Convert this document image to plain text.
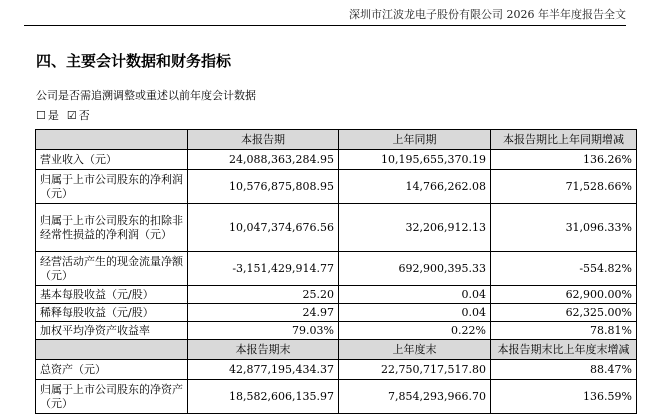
深圳市江波龙电子股份有限公司 2026 年半年度报告全文
四、主要会计数据和财务指标
公司是否需追溯调整或重述以前年度会计数据
☐ 是 ☑ 否
	本报告期	上年同期	本报告期比上年同期增减
营业收入（元）	24,088,363,284.95	10,195,655,370.19	136.26%
归属于上市公司股东的净利润（元）	10,576,875,808.95	14,766,262.08	71,528.66%
归属于上市公司股东的扣除非经常性损益的净利润（元）	10,047,374,676.56	32,206,912.13	31,096.33%
经营活动产生的现金流量净额（元）	-3,151,429,914.77	692,900,395.33	-554.82%
基本每股收益（元/股）	25.20	0.04	62,900.00%
稀释每股收益（元/股）	24.97	0.04	62,325.00%
加权平均净资产收益率	79.03%	0.22%	78.81%
	本报告期末	上年度末	本报告期末比上年度末增减
总资产（元）	42,877,195,434.37	22,750,717,517.80	88.47%
归属于上市公司股东的净资产（元）	18,582,606,135.97	7,854,293,966.70	136.59%
